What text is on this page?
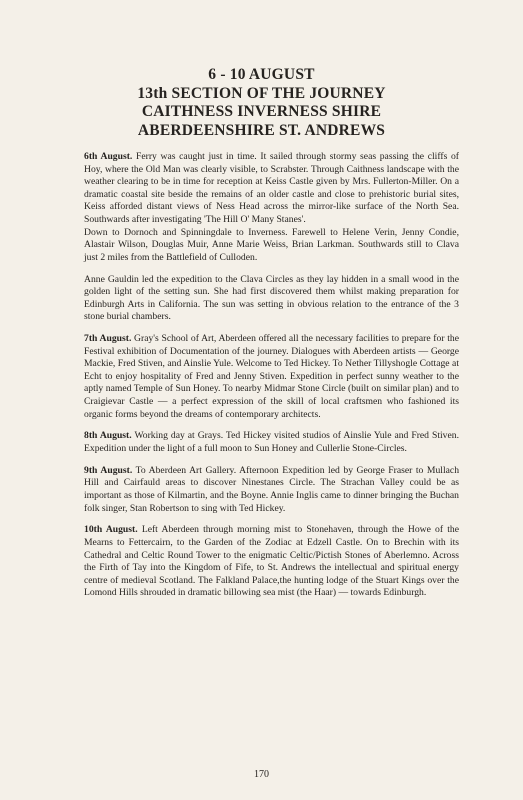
6 - 10 AUGUST
13th SECTION OF THE JOURNEY
CAITHNESS INVERNESS SHIRE
ABERDEENSHIRE ST. ANDREWS

6th August. Ferry was caught just in time. It sailed through stormy seas passing the cliffs of Hoy, where the Old Man was clearly visible, to Scrabster. Through Caithness landscape with the weather clearing to be in time for reception at Keiss Castle given by Mrs. Fullerton-Miller. On a dramatic coastal site beside the remains of an older castle and close to prehistoric burial sites, Keiss afforded distant views of Ness Head across the mirror-like surface of the North Sea. Southwards after investigating 'The Hill O' Many Stanes'.

Down to Dornoch and Spinningdale to Inverness. Farewell to Helene Verin, Jenny Condie, Alastair Wilson, Douglas Muir, Anne Marie Weiss, Brian Larkman. Southwards still to Clava just 2 miles from the Battlefield of Culloden.

Anne Gauldin led the expedition to the Clava Circles as they lay hidden in a small wood in the golden light of the setting sun. She had first discovered them whilst making preparation for Edinburgh Arts in California. The sun was setting in obvious relation to the entrance of the 3 stone burial chambers.

7th August. Gray's School of Art, Aberdeen offered all the necessary facilities to prepare for the Festival exhibition of Documentation of the journey. Dialogues with Aberdeen artists — George Mackie, Fred Stiven, and Ainslie Yule. Welcome to Ted Hickey. To Nether Tillyshogle Cottage at Echt to enjoy hospitality of Fred and Jenny Stiven. Expedition in perfect sunny weather to the aptly named Temple of Sun Honey. To nearby Midmar Stone Circle (built on similar plan) and to Craigievar Castle — a perfect expression of the skill of local craftsmen who fashioned its organic forms beyond the dreams of contemporary architects.

8th August. Working day at Grays. Ted Hickey visited studios of Ainslie Yule and Fred Stiven. Expedition under the light of a full moon to Sun Honey and Cullerlie Stone-Circles.

9th August. To Aberdeen Art Gallery. Afternoon Expedition led by George Fraser to Mullach Hill and Cairfauld areas to discover Ninestanes Circle. The Strachan Valley could be as important as those of Kilmartin, and the Boyne. Annie Inglis came to dinner bringing the Buchan folk singer, Stan Robertson to sing with Ted Hickey.

10th August. Left Aberdeen through morning mist to Stonehaven, through the Howe of the Mearns to Fettercairn, to the Garden of the Zodiac at Edzell Castle. On to Brechin with its Cathedral and Celtic Round Tower to the enigmatic Celtic/Pictish Stones of Aberlemno. Across the Firth of Tay into the Kingdom of Fife, to St. Andrews the intellectual and spiritual energy centre of medieval Scotland. The Falkland Palace,the hunting lodge of the Stuart Kings over the Lomond Hills shrouded in dramatic billowing sea mist (the Haar) — towards Edinburgh.

170
